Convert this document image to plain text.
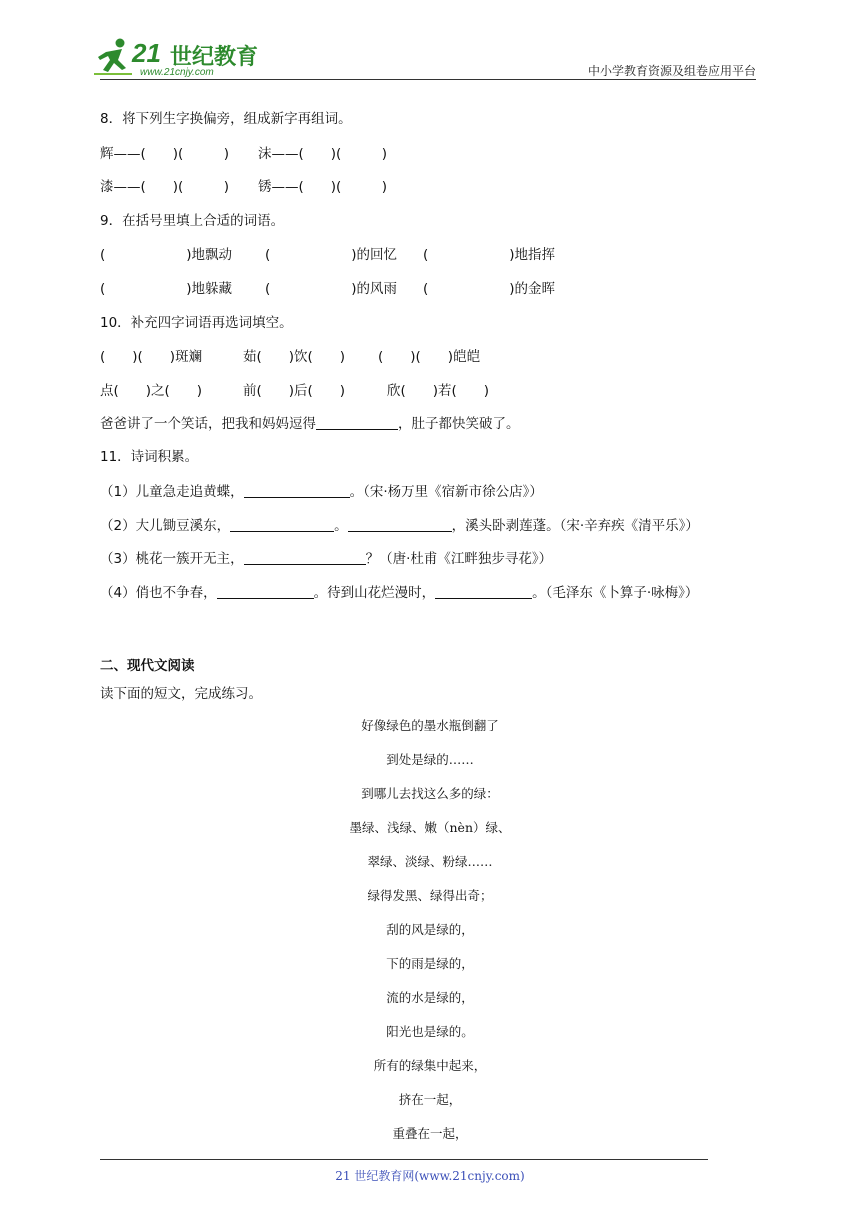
21 世纪教育
www.21cnjy.com	中小学教育资源及组卷应用平台
8．将下列生字换偏旁，组成新字再组词。
辉——(　　)(　　　) 沫——(　　)(　　　)
漆——(　　)(　　　) 锈——(　　)(　　　)
9．在括号里填上合适的词语。
(　　　　　　)地飘动 (　　　　　　)的回忆 (　　　　　　)地指挥
(　　　　　　)地躲藏 (　　　　　　)的风雨 (　　　　　　)的金晖
10．补充四字词语再选词填空。
(　　)(　　)斑斓	茹(　　)饮(　　) (　　)(　　)皑皑
点(　　)之(　　)	前(　　)后(　　)	欣(　　)若(　　)
爸爸讲了一个笑话，把我和妈妈逗得	，肚子都快笑破了。
11．诗词积累。
（1）儿童急走追黄蝶，	。（宋·杨万里《宿新市徐公店》）
（2）大儿锄豆溪东，	。	，溪头卧剥莲蓬。（宋·辛弃疾《清平乐》）
（3）桃花一簇开无主，	？（唐·杜甫《江畔独步寻花》）
（4）俏也不争春，	。待到山花烂漫时，	。（毛泽东《卜算子·咏梅》）
二、现代文阅读
读下面的短文，完成练习。
好像绿色的墨水瓶倒翻了
到处是绿的……
到哪儿去找这么多的绿：
墨绿、浅绿、嫩（nèn）绿、
翠绿、淡绿、粉绿……
绿得发黑、绿得出奇；
刮的风是绿的，
下的雨是绿的，
流的水是绿的，
阳光也是绿的。
所有的绿集中起来，
挤在一起，
重叠在一起，
21 世纪教育网(www.21cnjy.com)
